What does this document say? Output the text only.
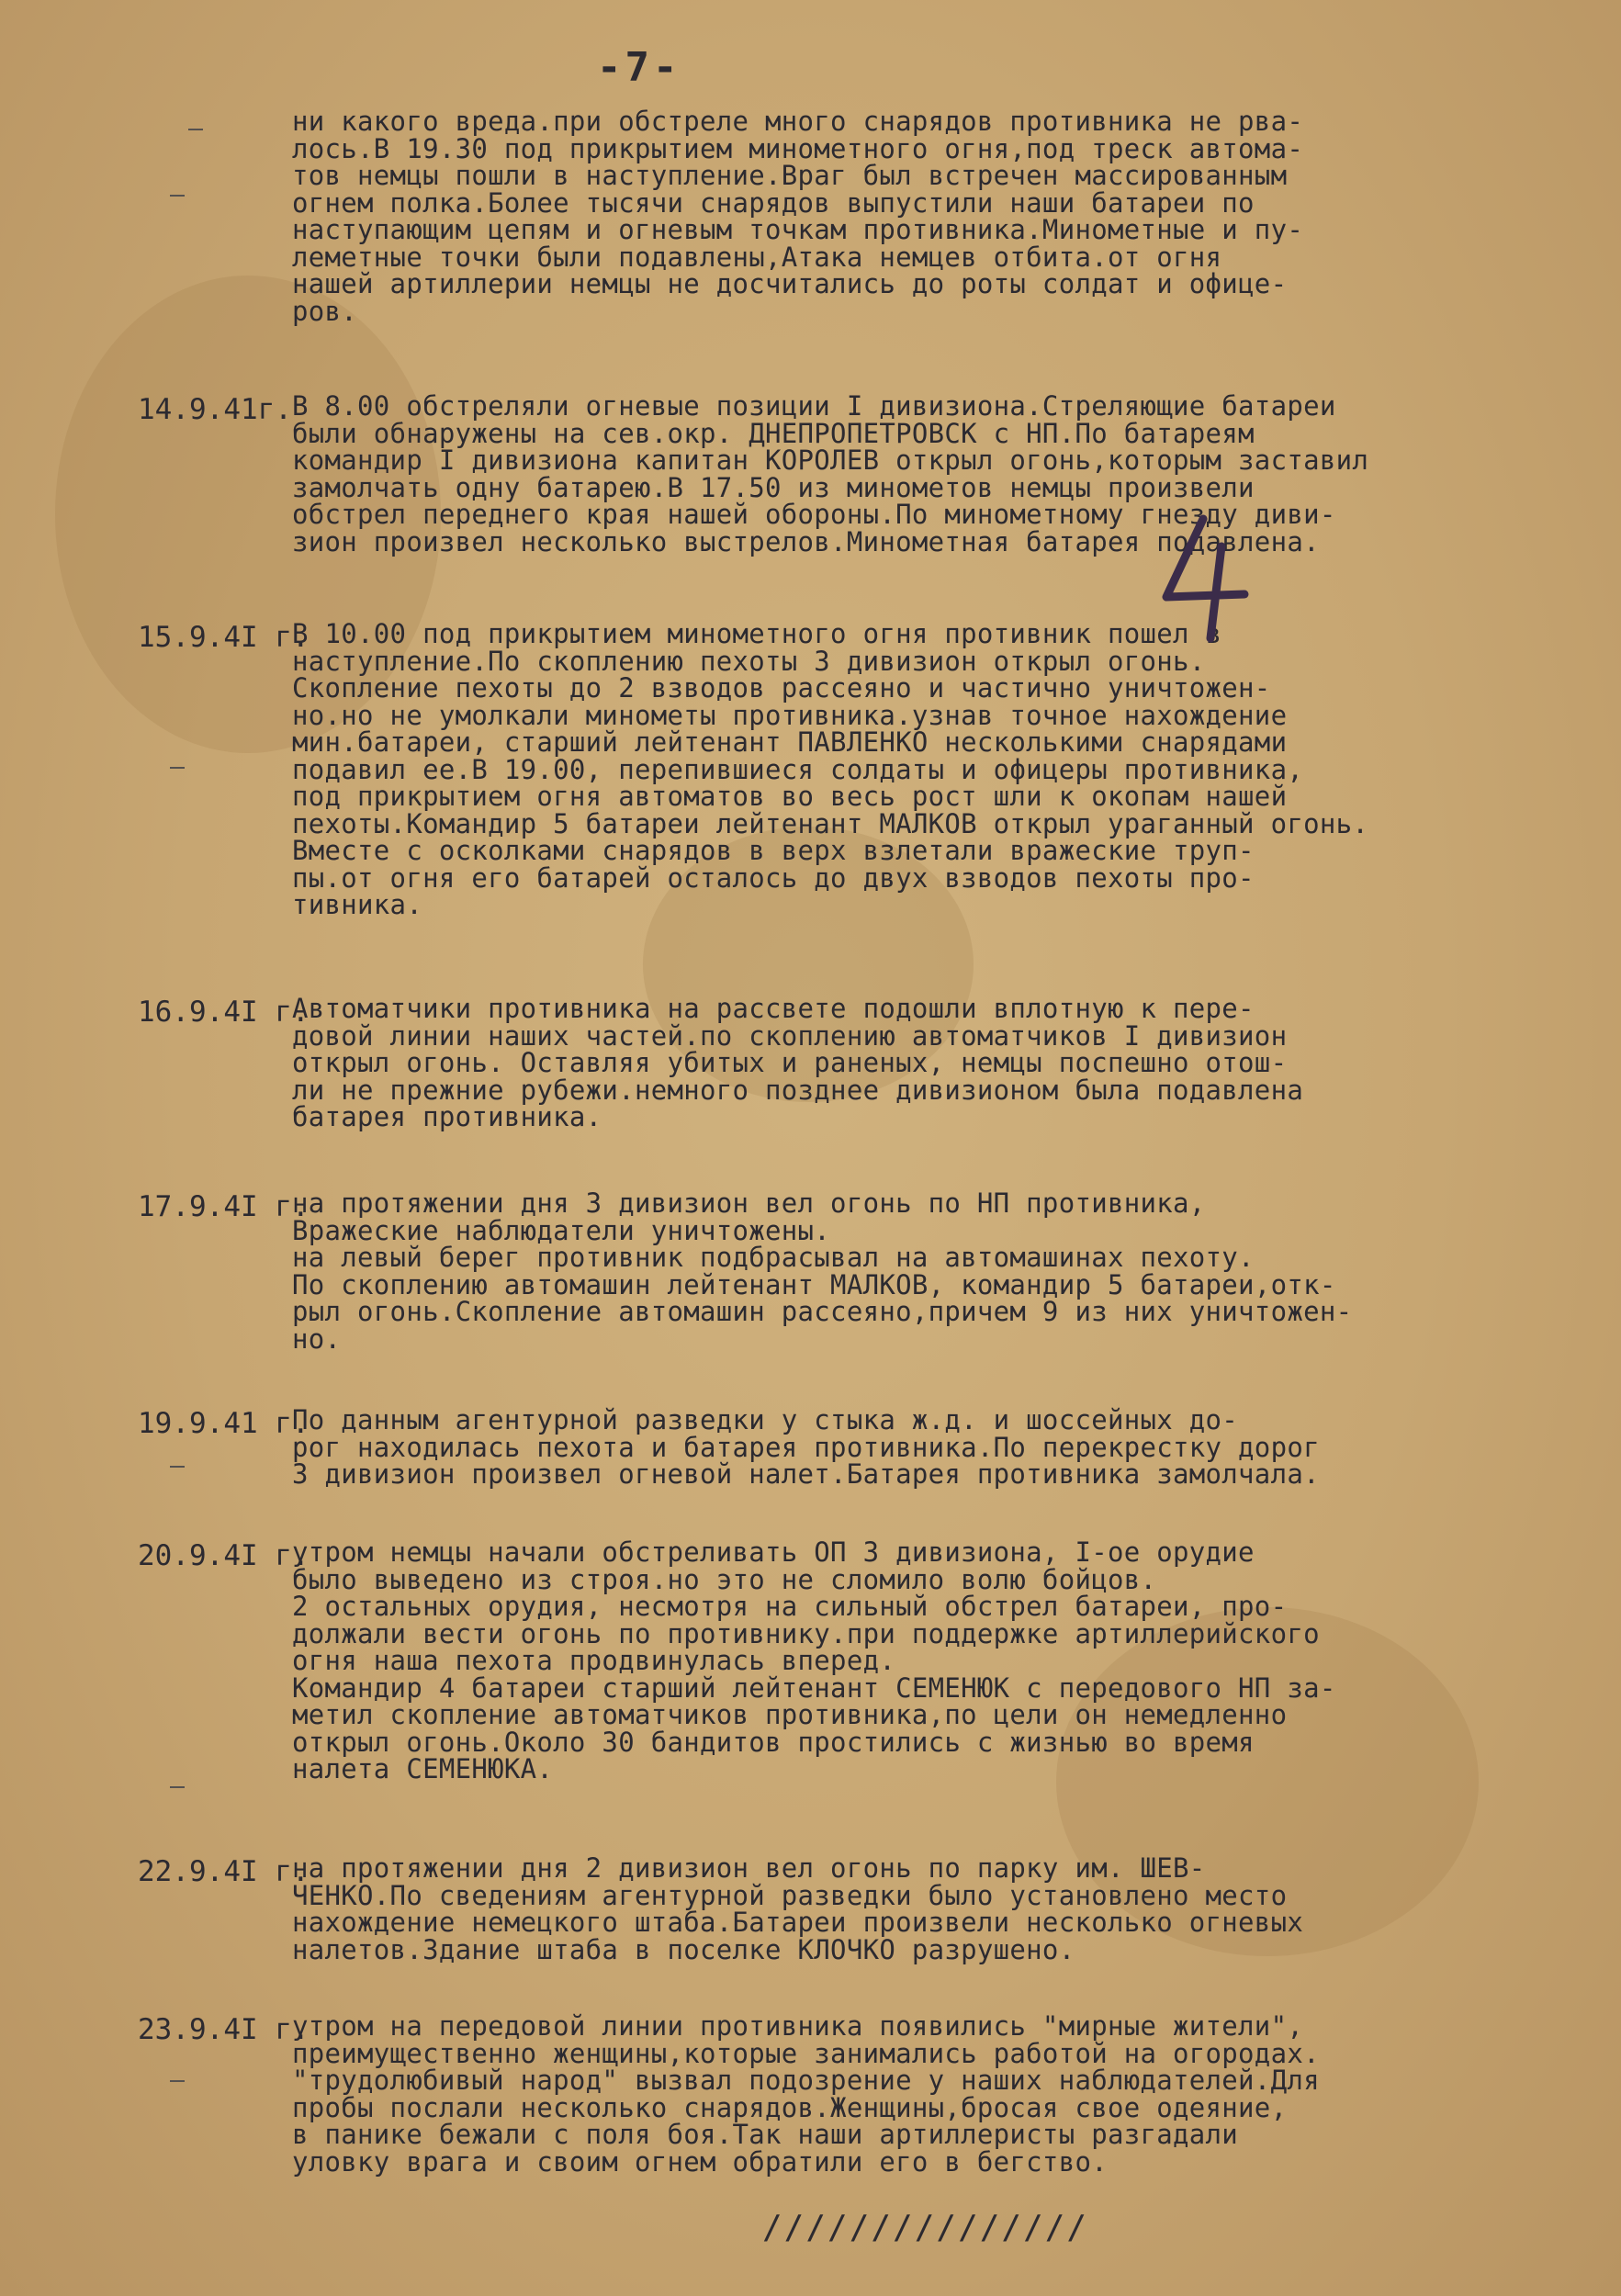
-7-
ни какого вреда.при обстреле много снарядов противника не рва-
лось.В 19.30 под прикрытием минометного огня,под треск автома-
тов немцы пошли в наступление.Враг был встречен массированным
огнем полка.Более тысячи снарядов выпустили наши батареи по
наступающим цепям и огневым точкам противника.Минометные и пу-
леметные точки были подавлены,Атака немцев отбита.от огня
нашей артиллерии немцы не досчитались до роты солдат и офице-
ров.
14.9.41г. В 8.00 обстреляли огневые позиции I дивизиона.Стреляющие батареи
были обнаружены на сев.окр. ДНЕПРОПЕТРОВСК с НП.По батареям
командир I дивизиона капитан КОРОЛЕВ открыл огонь,которым заставил
замолчать одну батарею.В 17.50 из минометов немцы произвели
обстрел переднего края нашей обороны.По минометному гнезду диви-
зион произвел несколько выстрелов.Минометная батарея подавлена.
15.9.4I г.
В 10.00 под прикрытием минометного огня противник пошел в
наступление.По скоплению пехоты 3 дивизион открыл огонь.
Скопление пехоты до 2 взводов рассеяно и частично уничтожен-
но.но не умолкали минометы противника.узнав точное нахождение
мин.батареи, старший лейтенант ПАВЛЕНКО несколькими снарядами
подавил ее.В 19.00, перепившиеся солдаты и офицеры противника,
под прикрытием огня автоматов во весь рост шли к окопам нашей
пехоты.Командир 5 батареи лейтенант МАЛКОВ открыл ураганный огонь.
Вместе с осколками снарядов в верх взлетали вражеские труп-
пы.от огня его батарей осталось до двух взводов пехоты про-
тивника.
16.9.4I г.
Автоматчики противника на рассвете подошли вплотную к пере-
довой линии наших частей.по скоплению автоматчиков I дивизион
открыл огонь. Оставляя убитых и раненых, немцы поспешно отош-
ли не прежние рубежи.немного позднее дивизионом была подавлена
батарея противника.
17.9.4I г.
на протяжении дня 3 дивизион вел огонь по НП противника,
Вражеские наблюдатели уничтожены.
на левый берег противник подбрасывал на автомашинах пехоту.
По скоплению автомашин лейтенант МАЛКОВ, командир 5 батареи,отк-
рыл огонь.Скопление автомашин рассеяно,причем 9 из них уничтожен-
но.
19.9.41 г.
По данным агентурной разведки у стыка ж.д. и шоссейных до-
рог находилась пехота и батарея противника.По перекрестку дорог
3 дивизион произвел огневой налет.Батарея противника замолчала.
20.9.4I г.
утром немцы начали обстреливать ОП 3 дивизиона, I-ое орудие
было выведено из строя.но это не сломило волю бойцов.
2 остальных орудия, несмотря на сильный обстрел батареи, про-
должали вести огонь по противнику.при поддержке артиллерийского
огня наша пехота продвинулась вперед.
Командир 4 батареи старший лейтенант СЕМЕНЮК с передового НП за-
метил скопление автоматчиков противника,по цели он немедленно
открыл огонь.Около 30 бандитов простились с жизнью во время
налета СЕМЕНЮКА.
22.9.4I г.
на протяжении дня 2 дивизион вел огонь по парку им. ШЕВ-
ЧЕНКО.По сведениям агентурной разведки было установлено место
нахождение немецкого штаба.Батареи произвели несколько огневых
налетов.Здание штаба в поселке КЛОЧКО разрушено.
23.9.4I г.
утром на передовой линии противника появились "мирные жители",
преимущественно женщины,которые занимались работой на огородах.
"трудолюбивый народ" вызвал подозрение у наших наблюдателей.Для
пробы послали несколько снарядов.Женщины,бросая свое одеяние,
в панике бежали с поля боя.Так наши артиллеристы разгадали
уловку врага и своим огнем обратили его в бегство.
///////////////
